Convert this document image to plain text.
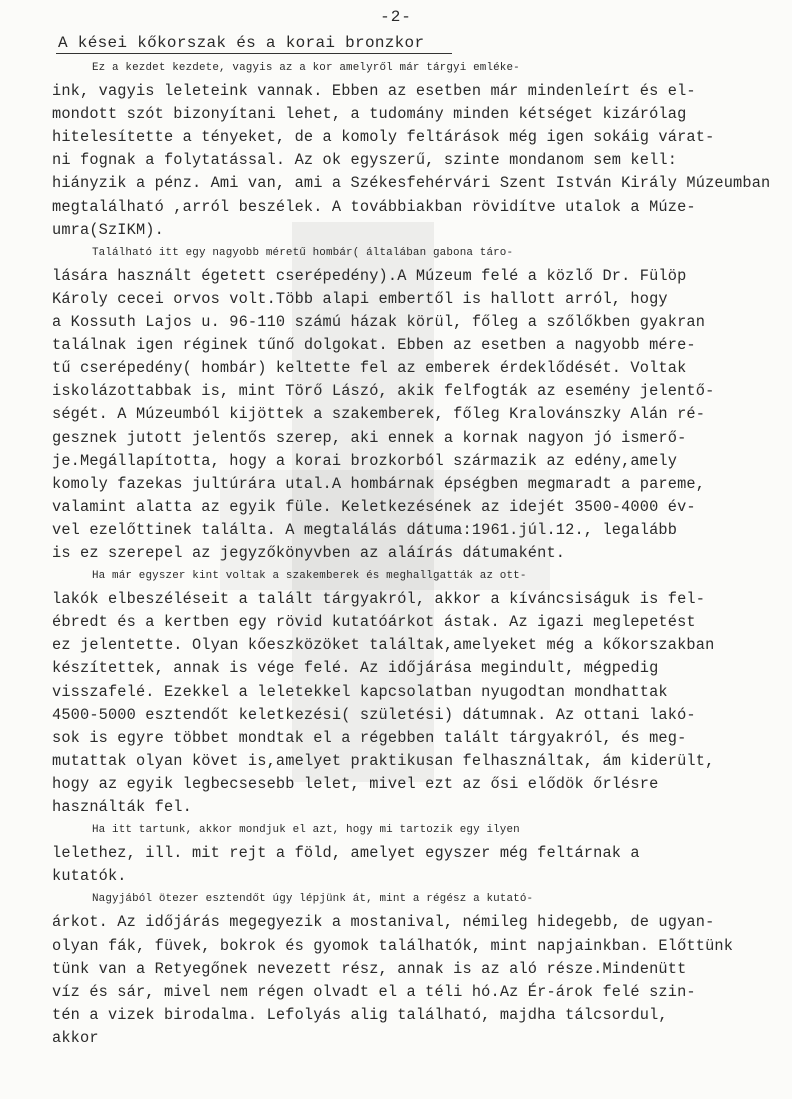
-2-
A kései kőkorszak és a korai bronzkor
Ez a kezdet kezdete, vagyis az a kor amelyről már tárgyi emléke-
ink, vagyis leleteink vannak. Ebben az esetben már mindenleírt és el-
mondott szót bizonyítani lehet, a tudomány minden kétséget kizárólag
hitelesítette a tényeket, de a komoly feltárások még igen sokáig várat-
ni fognak a folytatással. Az ok egyszerű, szinte mondanom sem kell:
hiányzik a pénz. Ami van, ami a Székesfehérvári Szent István Király Múzeumban
megtalálható ,arról beszélek. A továbbiakban rövidítve utalok a Múze-
umra(SzIKM).
Található itt egy nagyobb méretű hombár( általában gabona táro-
lására használt égetett cserépedény).A Múzeum felé a közlő Dr. Fülöp
Károly cecei orvos volt.Több alapi embertől is hallott arról, hogy
a Kossuth Lajos u. 96-110 számú házak körül, főleg a szőlőkben gyakran
találnak igen réginek tűnő dolgokat. Ebben az esetben a nagyobb mére-
tű cserépedény( hombár) keltette fel az emberek érdeklődését. Voltak
iskolázottabbak is, mint Törő Lászó, akik felfogták az esemény jelentő-
ségét. A Múzeumból kijöttek a szakemberek, főleg Kralovánszky Alán ré-
gesznek jutott jelentős szerep, aki ennek a kornak nagyon jó ismerő-
je.Megállapította, hogy a korai brozkorból származik az edény,amely
komoly fazekas jultúrára utal.A hombárnak épségben megmaradt a pareme,
valamint alatta az egyik füle. Keletkezésének az idejét 3500-4000 év-
vel ezelőttinek találta. A megtalálás dátuma:1961.júl.12., legalább
is ez szerepel az jegyzőkönyvben az aláírás dátumaként.
Ha már egyszer kint voltak a szakemberek és meghallgatták az ott-
lakók elbeszéléseit a talált tárgyakról, akkor a kíváncsiságuk is fel-
ébredt és a kertben egy rövid kutatóárkot ástak. Az igazi meglepetést
ez jelentette. Olyan kőeszközöket találtak,amelyeket még a kőkorszakban
készítettek, annak is vége felé. Az időjárása megindult, mégpedig
visszafelé. Ezekkel a leletekkel kapcsolatban nyugodtan mondhattak
4500-5000 esztendőt keletkezési( születési) dátumnak. Az ottani lakó-
sok is egyre többet mondtak el a régebben talált tárgyakról, és meg-
mutattak olyan követ is,amelyet praktikusan felhasználtak, ám kiderült,
hogy az egyik legbecsesebb lelet, mivel ezt az ősi elődök őrlésre
használták fel.
Ha itt tartunk, akkor mondjuk el azt, hogy mi tartozik egy ilyen
lelethez, ill. mit rejt a föld, amelyet egyszer még feltárnak a
kutatók.
Nagyjából ötezer esztendőt úgy lépjünk át, mint a régész a kutató-
árkot. Az időjárás megegyezik a mostanival, némileg hidegebb, de ugyan-
olyan fák, füvek, bokrok és gyomok találhatók, mint napjainkban. Előttünk
tünk van a Retyegőnek nevezett rész, annak is az aló része.Mindenütt
víz és sár, mivel nem régen olvadt el a téli hó.Az Ér-árok felé szin-
tén a vizek birodalma. Lefolyás alig található, majdha tálcsordul,
akkor
